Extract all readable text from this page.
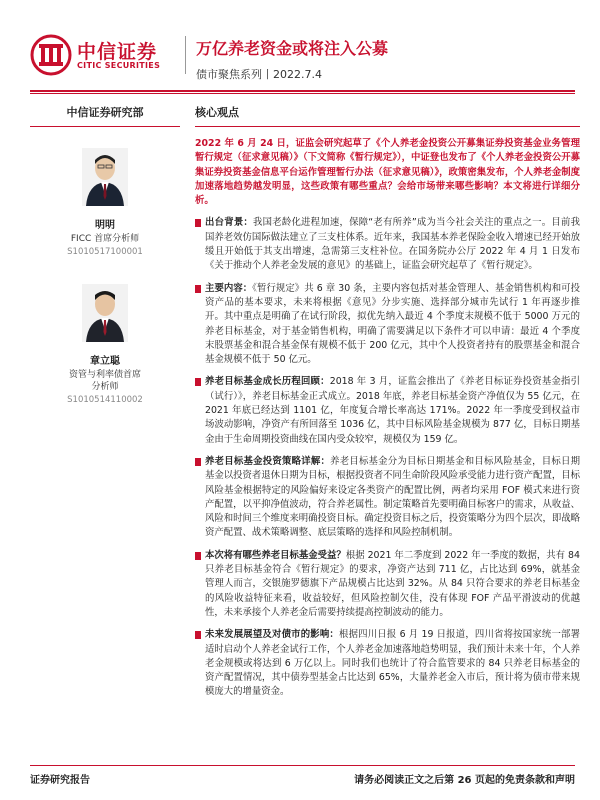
中信证券
CITIC SECURITIES
万亿养老资金或将注入公募
债市聚焦系列丨2022.7.4
中信证券研究部
明明
FICC 首席分析师
S1010517100001
章立聪
资管与利率债首席
分析师
S1010514110002
核心观点
2022 年 6 月 24 日，证监会研究起草了《个人养老金投资公开募集证券投资基金业务管理暂行规定（征求意见稿）》（下文简称《暂行规定》），中证登也发布了《个人养老金投资公开募集证券投资基金信息平台运作管理暂行办法（征求意见稿）》，政策密集发布，个人养老金制度加速落地趋势越发明显，这些政策有哪些重点？会给市场带来哪些影响？本文将进行详细分析。
出台背景：我国老龄化进程加速，保障“老有所养”成为当今社会关注的重点之一。目前我国养老效仿国际做法建立了三支柱体系。近年来，我国基本养老保险金收入增速已经开始放缓且开始低于其支出增速，急需第三支柱补位。在国务院办公厅 2022 年 4 月 1 日发布《关于推动个人养老金发展的意见》的基础上，证监会研究起草了《暂行规定》。
主要内容：《暂行规定》共 6 章 30 条，主要内容包括对基金管理人、基金销售机构和可投资产品的基本要求，未来将根据《意见》分步实施、选择部分城市先试行 1 年再逐步推开。其中重点是明确了在试行阶段，拟优先纳入最近 4 个季度末规模不低于 5000 万元的养老目标基金，对于基金销售机构，明确了需要满足以下条件才可以申请：最近 4 个季度末股票基金和混合基金保有规模不低于 200 亿元，其中个人投资者持有的股票基金和混合基金规模不低于 50 亿元。
养老目标基金成长历程回顾：2018 年 3 月，证监会推出了《养老目标证券投资基金指引（试行）》，养老目标基金正式成立。2018 年底，养老目标基金资产净值仅为 55 亿元，在 2021 年底已经达到 1101 亿，年度复合增长率高达 171%。2022 年一季度受到权益市场波动影响，净资产有所回落至 1036 亿，其中目标风险基金规模为 877 亿，目标日期基金由于生命周期投资曲线在国内受众较窄，规模仅为 159 亿。
养老目标基金投资策略详解：养老目标基金分为目标日期基金和目标风险基金，目标日期基金以投资者退休日期为目标，根据投资者不同生命阶段风险承受能力进行资产配置，目标风险基金根据特定的风险偏好来设定各类资产的配置比例，两者均采用 FOF 模式来进行资产配置，以平抑净值波动，符合养老属性。制定策略首先要明确目标客户的需求，从收益、风险和时间三个维度来明确投资目标。确定投资目标之后，投资策略分为四个层次，即战略资产配置、战术策略调整、底层策略的选择和风险控制机制。
本次将有哪些养老目标基金受益？根据 2021 年二季度到 2022 年一季度的数据，共有 84 只养老目标基金符合《暂行规定》的要求，净资产达到 711 亿，占比达到 69%，就基金管理人而言，交银施罗德旗下产品规模占比达到 32%。从 84 只符合要求的养老目标基金的风险收益特征来看，收益较好，但风险控制欠佳，没有体现 FOF 产品平滑波动的优越性，未来承接个人养老金后需要持续提高控制波动的能力。
未来发展展望及对债市的影响：根据四川日报 6 月 19 日报道，四川省将按国家统一部署适时启动个人养老金试行工作，个人养老金加速落地趋势明显，我们预计未来十年，个人养老金规模或将达到 6 万亿以上。同时我们也统计了符合监管要求的 84 只养老目标基金的资产配置情况，其中债券型基金占比达到 65%，大量养老金入市后，预计将为债市带来规模庞大的增量资金。
证券研究报告	请务必阅读正文之后第 26 页起的免责条款和声明
